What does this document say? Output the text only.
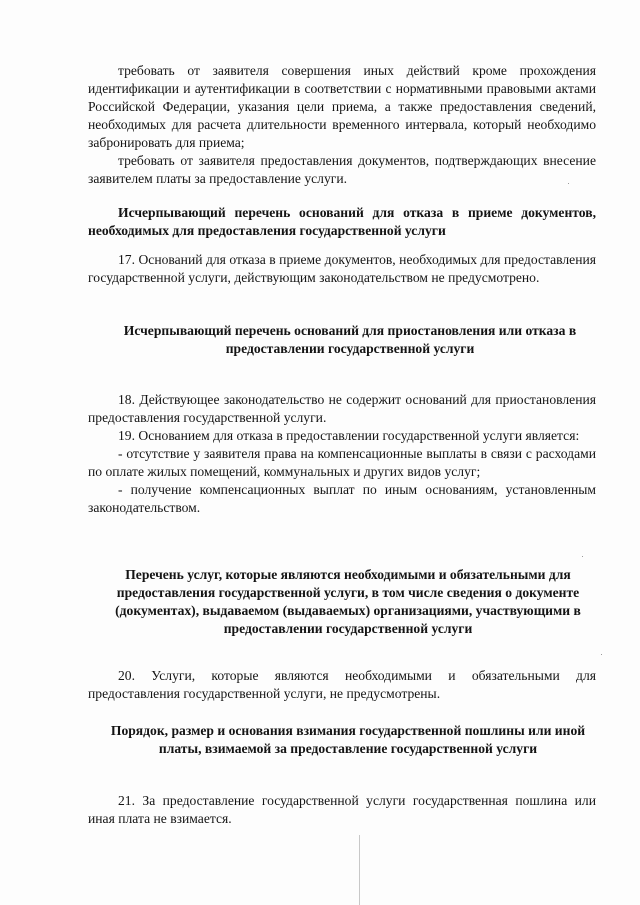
требовать от заявителя совершения иных действий кроме прохождения идентификации и аутентификации в соответствии с нормативными правовыми актами Российской Федерации, указания цели приема, а также предоставления сведений, необходимых для расчета длительности временного интервала, который необходимо забронировать для приема;

требовать от заявителя предоставления документов, подтверждающих внесение заявителем платы за предоставление услуги.

Исчерпывающий перечень оснований для отказа в приеме документов, необходимых для предоставления государственной услуги

17. Оснований для отказа в приеме документов, необходимых для предоставления государственной услуги, действующим законодательством не предусмотрено.

Исчерпывающий перечень оснований для приостановления или отказа в предоставлении государственной услуги

18. Действующее законодательство не содержит оснований для приостановления предоставления государственной услуги.

19. Основанием для отказа в предоставлении государственной услуги является:

- отсутствие у заявителя права на компенсационные выплаты в связи с расходами по оплате жилых помещений, коммунальных и других видов услуг;

- получение компенсационных выплат по иным основаниям, установленным законодательством.

Перечень услуг, которые являются необходимыми и обязательными для предоставления государственной услуги, в том числе сведения о документе (документах), выдаваемом (выдаваемых) организациями, участвующими в предоставлении государственной услуги

20. Услуги, которые являются необходимыми и обязательными для предоставления государственной услуги, не предусмотрены.

Порядок, размер и основания взимания государственной пошлины или иной платы, взимаемой за предоставление государственной услуги

21. За предоставление государственной услуги государственная пошлина или иная плата не взимается.
